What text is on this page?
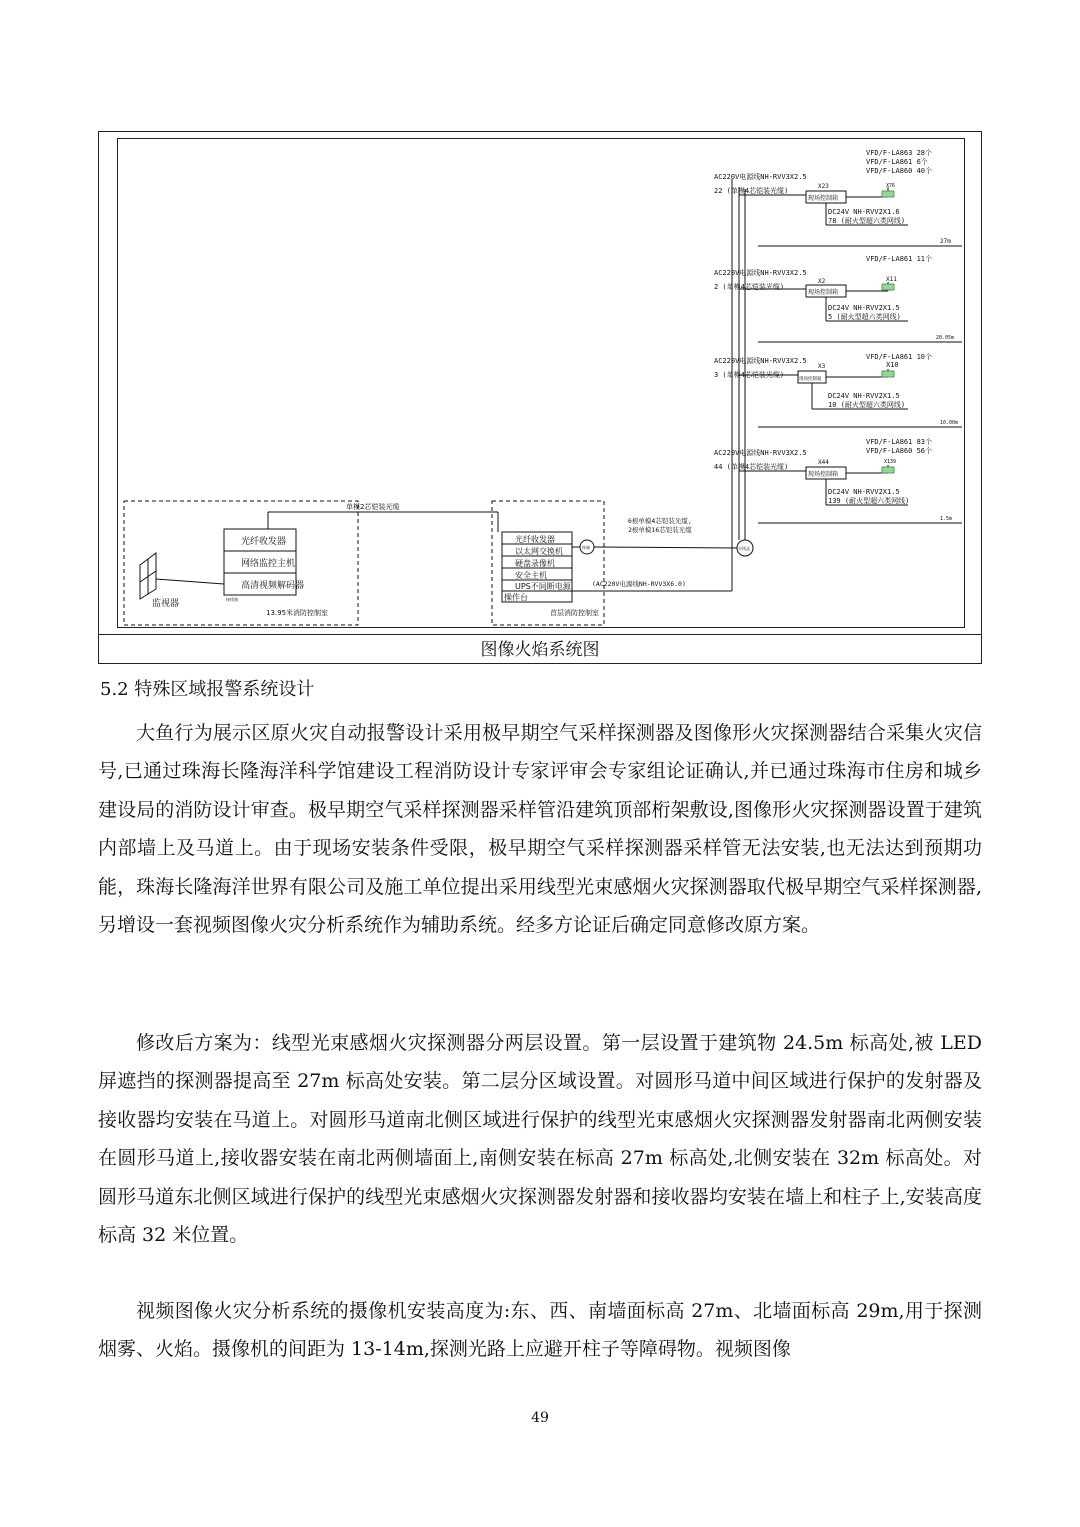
VFD/F-LA863 28个
VFD/F-LA861 6个
VFD/F-LA860 40个
AC220V电源线NH-RVV3X2.5
22 (单模4芯铠装光缆)
X23
现场控制箱
X76
DC24V NH-RVV2X1.6
78 (耐火型超六类网线)
27m
VFD/F-LA861 11个
AC220V电源线NH-RVV3X2.5
2 (单模4芯铠装光缆)
X2
现场控制箱
X11
DC24V NH-RVV2X1.5
5 (耐火型超六类网线)
20.05m
VFD/F-LA861 10个
AC220V电源线NH-RVV3X2.5
3 (单模4芯铠装光缆)
X3
现场控制箱
X10
DC24V NH-RVV2X1.5
10 (耐火型超六类网线)
10.00m
VFD/F-LA861 83个
VFD/F-LA860 56个
AC220V电源线NH-RVV3X2.5
44 (单模4芯铠装光缆)
X44
现场控制箱
X139
DC24V NH-RVV2X1.5
139 (耐火型超六类网线)
1.5m
单模2芯铠装光缆
6根单模4芯铠装光缆,
2根单模16芯铠装光缆
(AC220V电源线NH-RVV3X6.0)
终端	分线盒
光纤收发器
网络监控主机
高清视频解码器
接线箱
监视器
13.95米消防控制室
光纤收发器
以太网交换机
硬盘录像机
安全主机
UPS不间断电源
操作台
首层消防控制室
图像火焰系统图
5.2 特殊区域报警系统设计

大鱼行为展示区原火灾自动报警设计采用极早期空气采样探测器及图像形火灾探测器结合采集火灾信号,已通过珠海长隆海洋科学馆建设工程消防设计专家评审会专家组论证确认,并已通过珠海市住房和城乡建设局的消防设计审查。极早期空气采样探测器采样管沿建筑顶部桁架敷设,图像形火灾探测器设置于建筑内部墙上及马道上。由于现场安装条件受限，极早期空气采样探测器采样管无法安装,也无法达到预期功能，珠海长隆海洋世界有限公司及施工单位提出采用线型光束感烟火灾探测器取代极早期空气采样探测器,另增设一套视频图像火灾分析系统作为辅助系统。经多方论证后确定同意修改原方案。

修改后方案为：线型光束感烟火灾探测器分两层设置。第一层设置于建筑物 24.5m 标高处,被 LED 屏遮挡的探测器提高至 27m 标高处安装。第二层分区域设置。对圆形马道中间区域进行保护的发射器及接收器均安装在马道上。对圆形马道南北侧区域进行保护的线型光束感烟火灾探测器发射器南北两侧安装在圆形马道上,接收器安装在南北两侧墙面上,南侧安装在标高 27m 标高处,北侧安装在 32m 标高处。对圆形马道东北侧区域进行保护的线型光束感烟火灾探测器发射器和接收器均安装在墙上和柱子上,安装高度标高 32 米位置。

视频图像火灾分析系统的摄像机安装高度为:东、西、南墙面标高 27m、北墙面标高 29m,用于探测烟雾、火焰。摄像机的间距为 13-14m,探测光路上应避开柱子等障碍物。视频图像

49
